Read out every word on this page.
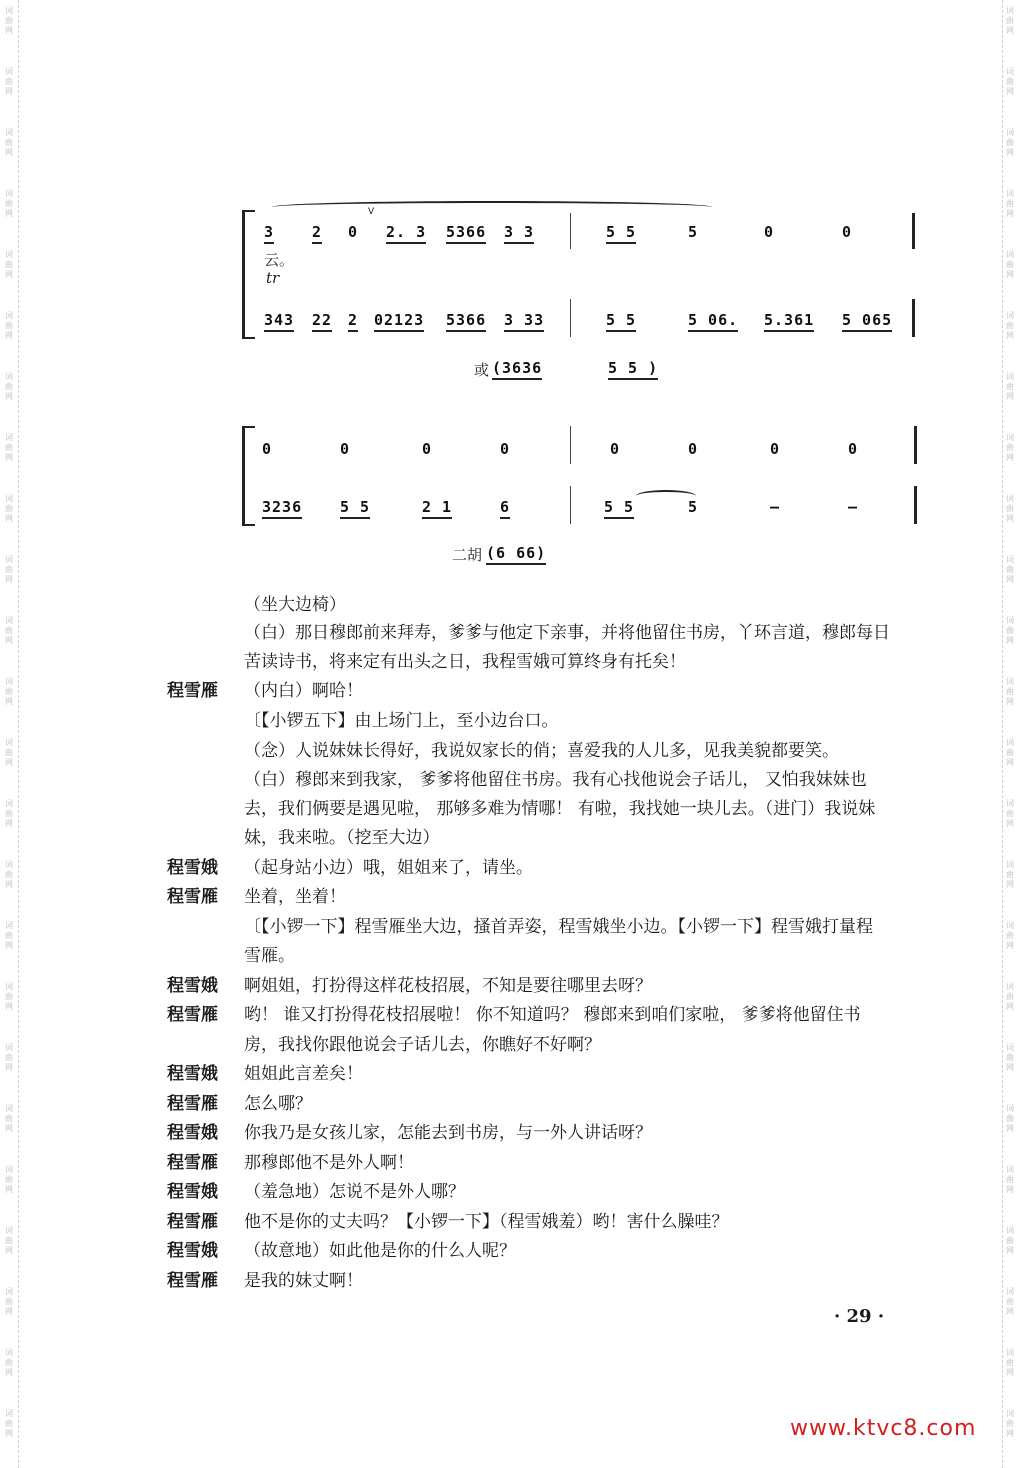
词
曲
网
词
曲
网
词
曲
网
词
曲
网
词
曲
网
词
曲
网
词
曲
网
词
曲
网
词
曲
网
词
曲
网
词
曲
网
词
曲
网
词
曲
网
词
曲
网
词
曲
网
词
曲
网
词
曲
网
词
曲
网
词
曲
网
词
曲
网
词
曲
网
词
曲
网
词
曲
网
词
曲
网
词
曲
网
词
曲
网
词
曲
网
词
曲
网
词
曲
网
词
曲
网
词
曲
网
词
曲
网
词
曲
网
词
曲
网
词
曲
网
词
曲
网
词
曲
网
词
曲
网
词
曲
网
词
曲
网
词
曲
网
词
曲
网
词
曲
网
词
曲
网
词
曲
网
词
曲
网
词
曲
网
词
曲
网
V
3	2 0 2. 3 5366 3 3	5 5	5	0	0
云。
tr
343 22 2 02123 5366 3 33	5 5	5 06. 5.361 5 065
或 (3636	5 5 )
0	0	0	0	0	0	0	0
3236	5 5	2 1	6	5 5	5	—	—
二胡 (6 66)
（坐大边椅）
（白）那日穆郎前来拜寿，爹爹与他定下亲事，并将他留住书房，丫环言道，穆郎每日
苦读诗书，将来定有出头之日，我程雪娥可算终身有托矣！
程雪雁 （内白）啊哈！
〔【小锣五下】由上场门上，至小边台口。
（念）人说妹妹长得好，我说奴家长的俏；喜爱我的人儿多，见我美貌都要笑。
（白）穆郎来到我家， 爹爹将他留住书房。我有心找他说会子话儿， 又怕我妹妹也
去，我们俩要是遇见啦， 那够多难为情哪！ 有啦，我找她一块儿去。（进门）我说妹
妹，我来啦。（挖至大边）
程雪娥 （起身站小边）哦，姐姐来了，请坐。
程雪雁 坐着，坐着！
〔【小锣一下】程雪雁坐大边，搔首弄姿，程雪娥坐小边。【小锣一下】程雪娥打量程
雪雁。
程雪娥 啊姐姐，打扮得这样花枝招展，不知是要往哪里去呀？
程雪雁 哟！ 谁又打扮得花枝招展啦！ 你不知道吗？ 穆郎来到咱们家啦， 爹爹将他留住书
房，我找你跟他说会子话儿去，你瞧好不好啊？
程雪娥 姐姐此言差矣！
程雪雁 怎么哪？
程雪娥 你我乃是女孩儿家，怎能去到书房，与一外人讲话呀？
程雪雁 那穆郎他不是外人啊！
程雪娥 （羞急地）怎说不是外人哪？
程雪雁 他不是你的丈夫吗？【小锣一下】（程雪娥羞）哟！害什么臊哇？
程雪娥 （故意地）如此他是你的什么人呢？
程雪雁 是我的妹丈啊！
· 29 ·
www.ktvc8.com
